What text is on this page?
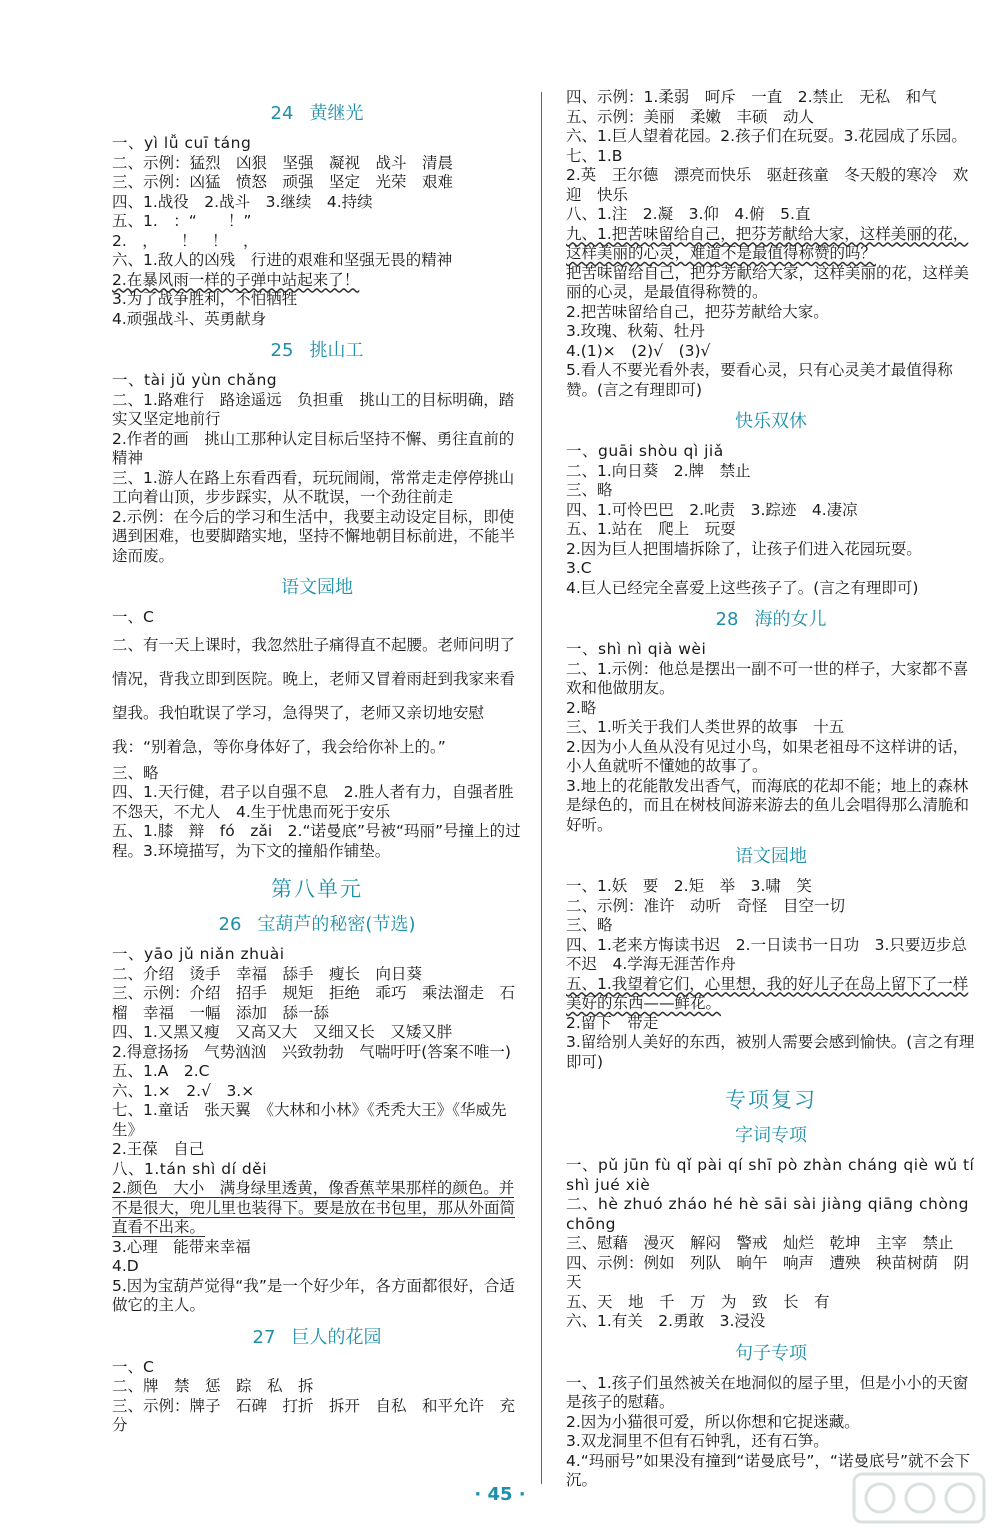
24 黄继光
一、yì lǚ cuī táng
二、示例：猛烈　凶狠　坚强　凝视　战斗　清晨
三、示例：凶猛　愤怒　顽强　坚定　光荣　艰难
四、1.战役　2.战斗　3.继续　4.持续
五、1.　：“　　！”
2.　，　　！　！　，
六、1.敌人的凶残　行进的艰难和坚强无畏的精神
2.在暴风雨一样的子弹中站起来了！
3.为了战争胜利，不怕牺牲
4.顽强战斗、英勇献身
25 挑山工
一、tài jǔ yùn chǎng
二、1.路难行　路途遥远　负担重　挑山工的目标明确，踏实又坚定地前行
2.作者的画　挑山工那种认定目标后坚持不懈、勇往直前的精神
三、1.游人在路上东看西看，玩玩闹闹，常常走走停停挑山工向着山顶，步步踩实，从不耽误，一个劲往前走
2.示例：在今后的学习和生活中，我要主动设定目标，即使遇到困难，也要脚踏实地，坚持不懈地朝目标前进，不能半途而废。
语文园地
一、C
二、有一天上课时，我忽然肚子痛得直不起腰。老师问明了情况，背我立即到医院。晚上，老师又冒着雨赶到我家来看望我。我怕耽误了学习，急得哭了，老师又亲切地安慰我：“别着急，等你身体好了，我会给你补上的。”
三、略
四、1.天行健，君子以自强不息　2.胜人者有力，自强者胜　不怨天，不尤人　4.生于忧患而死于安乐
五、1.膝　辩　fó　zǎi　2.“诺曼底”号被“玛丽”号撞上的过程。3.环境描写，为下文的撞船作铺垫。
第八单元
26 宝葫芦的秘密(节选)
一、yāo jǔ niǎn zhuài
二、介绍　烫手　幸福　舔手　瘦长　向日葵
三、示例：介绍　招手　规矩　拒绝　乖巧　乘法溜走　石榴　幸福　一幅　添加　舔一舔
四、1.又黑又瘦　又高又大　又细又长　又矮又胖
2.得意扬扬　气势汹汹　兴致勃勃　气喘吁吁(答案不唯一)
五、1.A　2.C
六、1.×　2.√　3.×
七、1.童话　张天翼　《大林和小林》《秃秃大王》《华威先生》
2.王葆　自己
八、1.tán shì dí děi
2.颜色　大小　满身绿里透黄，像香蕉苹果那样的颜色。并不是很大，兜儿里也装得下。要是放在书包里，那从外面简直看不出来。
3.心理　能带来幸福
4.D
5.因为宝葫芦觉得“我”是一个好少年，各方面都很好，合适做它的主人。
27 巨人的花园
一、C
二、牌　禁　惩　踪　私　拆
三、示例：牌子　石碑　打折　拆开　自私　和平允许　充分
四、示例：1.柔弱　呵斥　一直　2.禁止　无私　和气
五、示例：美丽　柔嫩　丰硕　动人
六、1.巨人望着花园。2.孩子们在玩耍。3.花园成了乐园。
七、1.B
2.英　王尔德　漂亮而快乐　驱赶孩童　冬天般的寒冷　欢迎　快乐
八、1.注　2.凝　3.仰　4.俯　5.直
九、1.把苦味留给自己，把芬芳献给大家，这样美丽的花，这样美丽的心灵，难道不是最值得称赞的吗？
把苦味留给自己，把芬芳献给大家，这样美丽的花，这样美丽的心灵，是最值得称赞的。
2.把苦味留给自己，把芬芳献给大家。
3.玫瑰、秋菊、牡丹
4.(1)×　(2)√　(3)√
5.看人不要光看外表，要看心灵，只有心灵美才最值得称赞。(言之有理即可)
快乐双休
一、guāi shòu qì jiǎ
二、1.向日葵　2.牌　禁止
三、略
四、1.可怜巴巴　2.叱责　3.踪迹　4.凄凉
五、1.站在　爬上　玩耍
2.因为巨人把围墙拆除了，让孩子们进入花园玩耍。
3.C
4.巨人已经完全喜爱上这些孩子了。(言之有理即可)
28 海的女儿
一、shì nì qià wèi
二、1.示例：他总是摆出一副不可一世的样子，大家都不喜欢和他做朋友。
2.略
三、1.听关于我们人类世界的故事　十五
2.因为小人鱼从没有见过小鸟，如果老祖母不这样讲的话，小人鱼就听不懂她的故事了。
3.地上的花能散发出香气，而海底的花却不能；地上的森林是绿色的，而且在树枝间游来游去的鱼儿会唱得那么清脆和好听。
语文园地
一、1.妖　要　2.矩　举　3.啸　笑
二、示例：准许　动听　奇怪　目空一切
三、略
四、1.老来方悔读书迟　2.一日读书一日功　3.只要迈步总不迟　4.学海无涯苦作舟
五、1.我望着它们，心里想，我的好儿子在岛上留下了一样美好的东西——鲜花。
2.留下　带走
3.留给别人美好的东西，被别人需要会感到愉快。(言之有理即可)
专项复习
字词专项
一、pǔ jūn fù qǐ pài qí shī pò zhàn cháng qiè wǔ tí shì jué xiè
二、hè zhuó zháo hé hè sāi sài jiàng qiāng chòng chōng
三、慰藉　漫灭　解闷　警戒　灿烂　乾坤　主宰　禁止
四、示例：例如　列队　晌午　响声　遭殃　秧苗树荫　阴天
五、天　地　千　万　为　致　长　有
六、1.有关　2.勇敢　3.浸没
句子专项
一、1.孩子们虽然被关在地洞似的屋子里，但是小小的天窗是孩子的慰藉。
2.因为小猫很可爱，所以你想和它捉迷藏。
3.双龙洞里不但有石钟乳，还有石笋。
4.“玛丽号”如果没有撞到“诺曼底号”，“诺曼底号”就不会下沉。
· 45 ·
